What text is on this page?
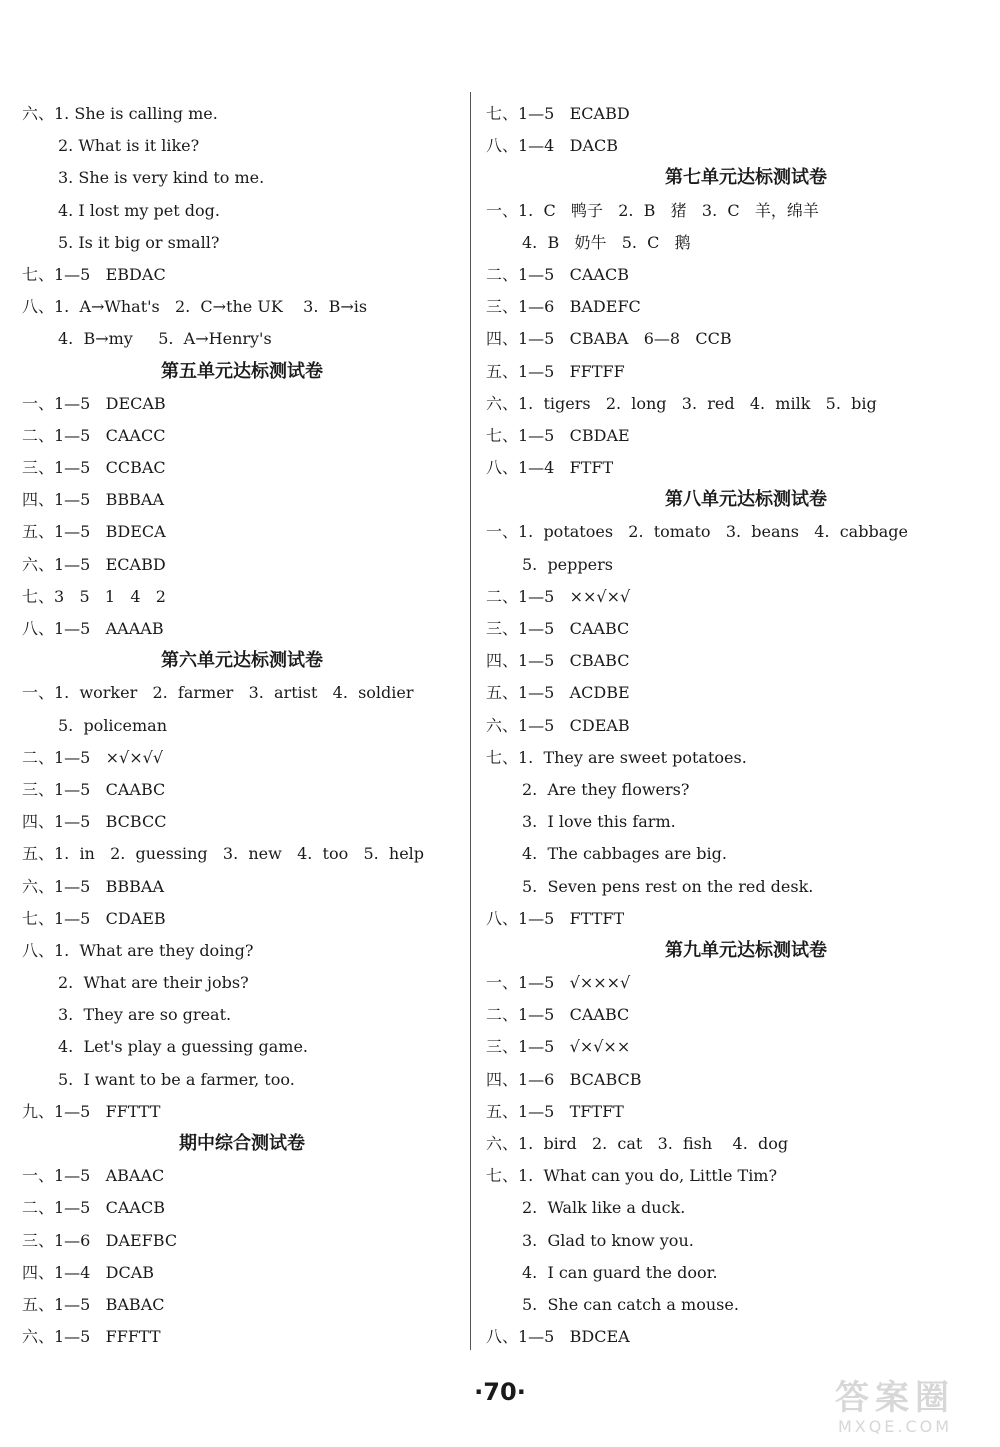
六、1. She is calling me.
2. What is it like?
3. She is very kind to me.
4. I lost my pet dog.
5. Is it big or small?
七、1—5   EBDAC
八、1.  A→What's   2.  C→the UK    3.  B→is
4.  B→my     5.  A→Henry's
第五单元达标测试卷
一、1—5   DECAB
二、1—5   CAACC
三、1—5   CCBAC
四、1—5   BBBAA
五、1—5   BDECA
六、1—5   ECABD
七、3   5   1   4   2
八、1—5   AAAAB
第六单元达标测试卷
一、1.  worker   2.  farmer   3.  artist   4.  soldier
5.  policeman
二、1—5   ×√×√√
三、1—5   CAABC
四、1—5   BCBCC
五、1.  in   2.  guessing   3.  new   4.  too   5.  help
六、1—5   BBBAA
七、1—5   CDAEB
八、1.  What are they doing?
2.  What are their jobs?
3.  They are so great.
4.  Let's play a guessing game.
5.  I want to be a farmer, too.
九、1—5   FFTTT
期中综合测试卷
一、1—5   ABAAC
二、1—5   CAACB
三、1—6   DAEFBC
四、1—4   DCAB
五、1—5   BABAC
六、1—5   FFFTT
七、1—5   ECABD
八、1—4   DACB
第七单元达标测试卷
一、1.  C   鸭子   2.  B   猪   3.  C   羊，绵羊
4.  B   奶牛   5.  C   鹅
二、1—5   CAACB
三、1—6   BADEFC
四、1—5   CBABA   6—8   CCB
五、1—5   FFTFF
六、1.  tigers   2.  long   3.  red   4.  milk   5.  big
七、1—5   CBDAE
八、1—4   FTFT
第八单元达标测试卷
一、1.  potatoes   2.  tomato   3.  beans   4.  cabbage
5.  peppers
二、1—5   ××√×√
三、1—5   CAABC
四、1—5   CBABC
五、1—5   ACDBE
六、1—5   CDEAB
七、1.  They are sweet potatoes.
2.  Are they flowers?
3.  I love this farm.
4.  The cabbages are big.
5.  Seven pens rest on the red desk.
八、1—5   FTTFT
第九单元达标测试卷
一、1—5   √×××√
二、1—5   CAABC
三、1—5   √×√××
四、1—6   BCABCB
五、1—5   TFTFT
六、1.  bird   2.  cat   3.  fish    4.  dog
七、1.  What can you do, Little Tim?
2.  Walk like a duck.
3.  Glad to know you.
4.  I can guard the door.
5.  She can catch a mouse.
八、1—5   BDCEA
·70·	答案圈
MXQE.COM
